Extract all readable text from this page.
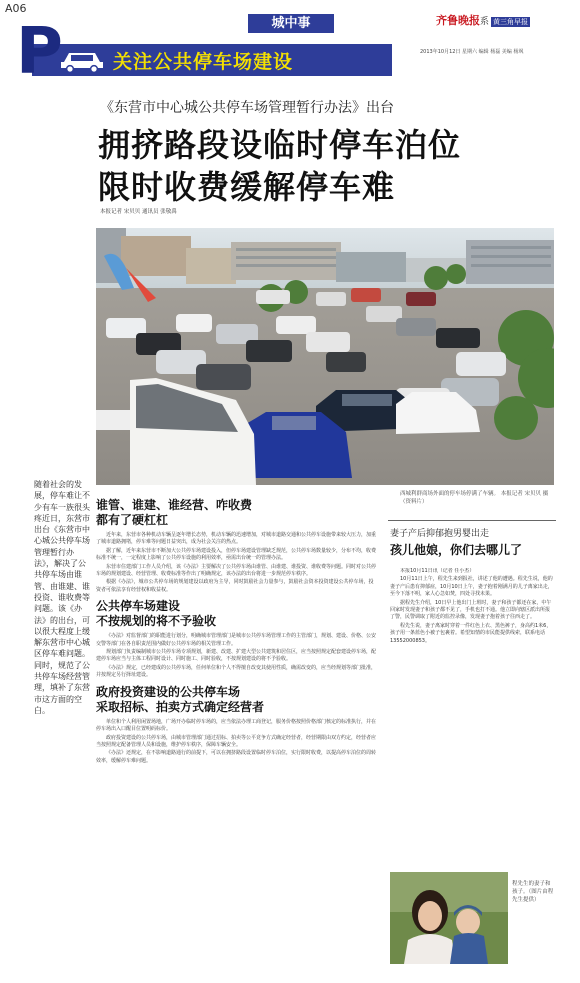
A06
城中事	齐鲁晚报系 黄三角早报
2013年10月12日 星期六 编辑 杨磊 美编 杨飒
P	关注公共停车场建设
《东营市中心城公共停车场管理暂行办法》出台
拥挤路段设临时停车泊位
限时收费缓解停车难
本报记者 宋贝贝 通讯员 张敬禹
随着社会的发展，停车难让不少有车一族很头疼近日，东营市出台《东营市中心城公共停车场管理暂行办法》，解决了公共停车场由谁管、由谁建、谁投资、谁收费等问题。该《办法》的出台，可以很大程度上缓解东营市中心城区停车难问题。同时，规范了公共停车场经营管理，填补了东营市这方面的空白。
西城利群商场外面的停车场停满了车辆。 本报记者 宋贝贝 摄（资料片）
谁管、谁建、谁经营、咋收费
都有了硬杠杠

近年来，东营市各种机动车辆呈逐年增长态势，机动车辆的迅速增加，对城市道路交通和公共停车设施带来较大压力，加重了城市道路拥堵，停车难等问题日益突出，成为社会关注的热点。

据了解，近年来东营市不断加大公共停车场建设投入，但停车场建设管理缺乏规范，公共停车场数量较少，分布不均，收费标准不统一，一定程度上影响了公共停车设施的利用效率，亟需出台统一的管理办法。

东营市住建部门工作人员介绍，该《办法》主要解决了公共停车场由谁管、由谁建、谁投资、谁收费等问题。同时对公共停车场的规划建设、经营管理、收费标准等作出了明确规定，该办法的出台将进一步规范停车秩序。

根据《办法》，城市公共停车场的规划建设以政府为主导，同时鼓励社会力量参与，鼓励社会资本投资建设公共停车场，投资者可依法享有经营权和收益权。

公共停车场建设
不按规划的将不予验收

《办法》对监督部门的职能进行划分，明确城市管理部门是城市公共停车场管理工作的主管部门，规划、建设、价格、公安交警等部门在各自职责范围内做好公共停车场的相关管理工作。

规划部门负责编制城市公共停车场专项规划，新建、改建、扩建大型公共建筑和居住区，应当按照规定配套建设停车场，配建停车场应当与主体工程同时设计、同时施工、同时验收，不按规划建设的将不予验收。

《办法》规定，已经建成的公共停车场，任何单位和个人不得擅自改变其使用性质，确需改变的，应当经规划等部门批准，并按规定另行择址建设。

政府投资建设的公共停车场
采取招标、拍卖方式确定经营者

单位和个人利用闲置场地，广场开办临时停车场的，应当依法办理工商登记，服务价格按照价格部门核定的标准执行，并在停车场出入口醒目位置明码标价。

政府投资建设的公共停车场，由城市管理部门通过招标、拍卖等公平竞争方式确定经营者，经营期限由双方约定，经营者应当按照规定配备管理人员和设施，维护停车秩序，保障车辆安全。

《办法》还规定，在不影响道路通行的前提下，可以在拥挤路段设置临时停车泊位，实行限时收费，以提高停车泊位的周转效率，缓解停车难问题。

妻子产后抑郁抱男婴出走
孩儿他娘，你们去哪儿了

本报10月11日讯（记者 任小杰）

10月11日上午，程先生来到报社，讲述了他的遭遇。程先生说，他的妻子产后患有抑郁症，10月10日上午，妻子抱着刚满月的儿子离家出走，至今下落不明，家人心急如焚，四处寻找未果。

据程先生介绍，10日早上他出门上班时，妻子和孩子都还在家，中午回家时发现妻子和孩子都不见了，手机也打不通。他立即向辖区派出所报了警，民警调取了附近的监控录像，发现妻子抱着孩子往西走了。

程先生说，妻子离家时穿着一件红色上衣、黑色裤子，身高约1米6，孩子用一条蓝色小被子包裹着。希望知情的市民能提供线索，联系电话13552000853。

程先生的妻子和孩子。（图片由程先生提供）
